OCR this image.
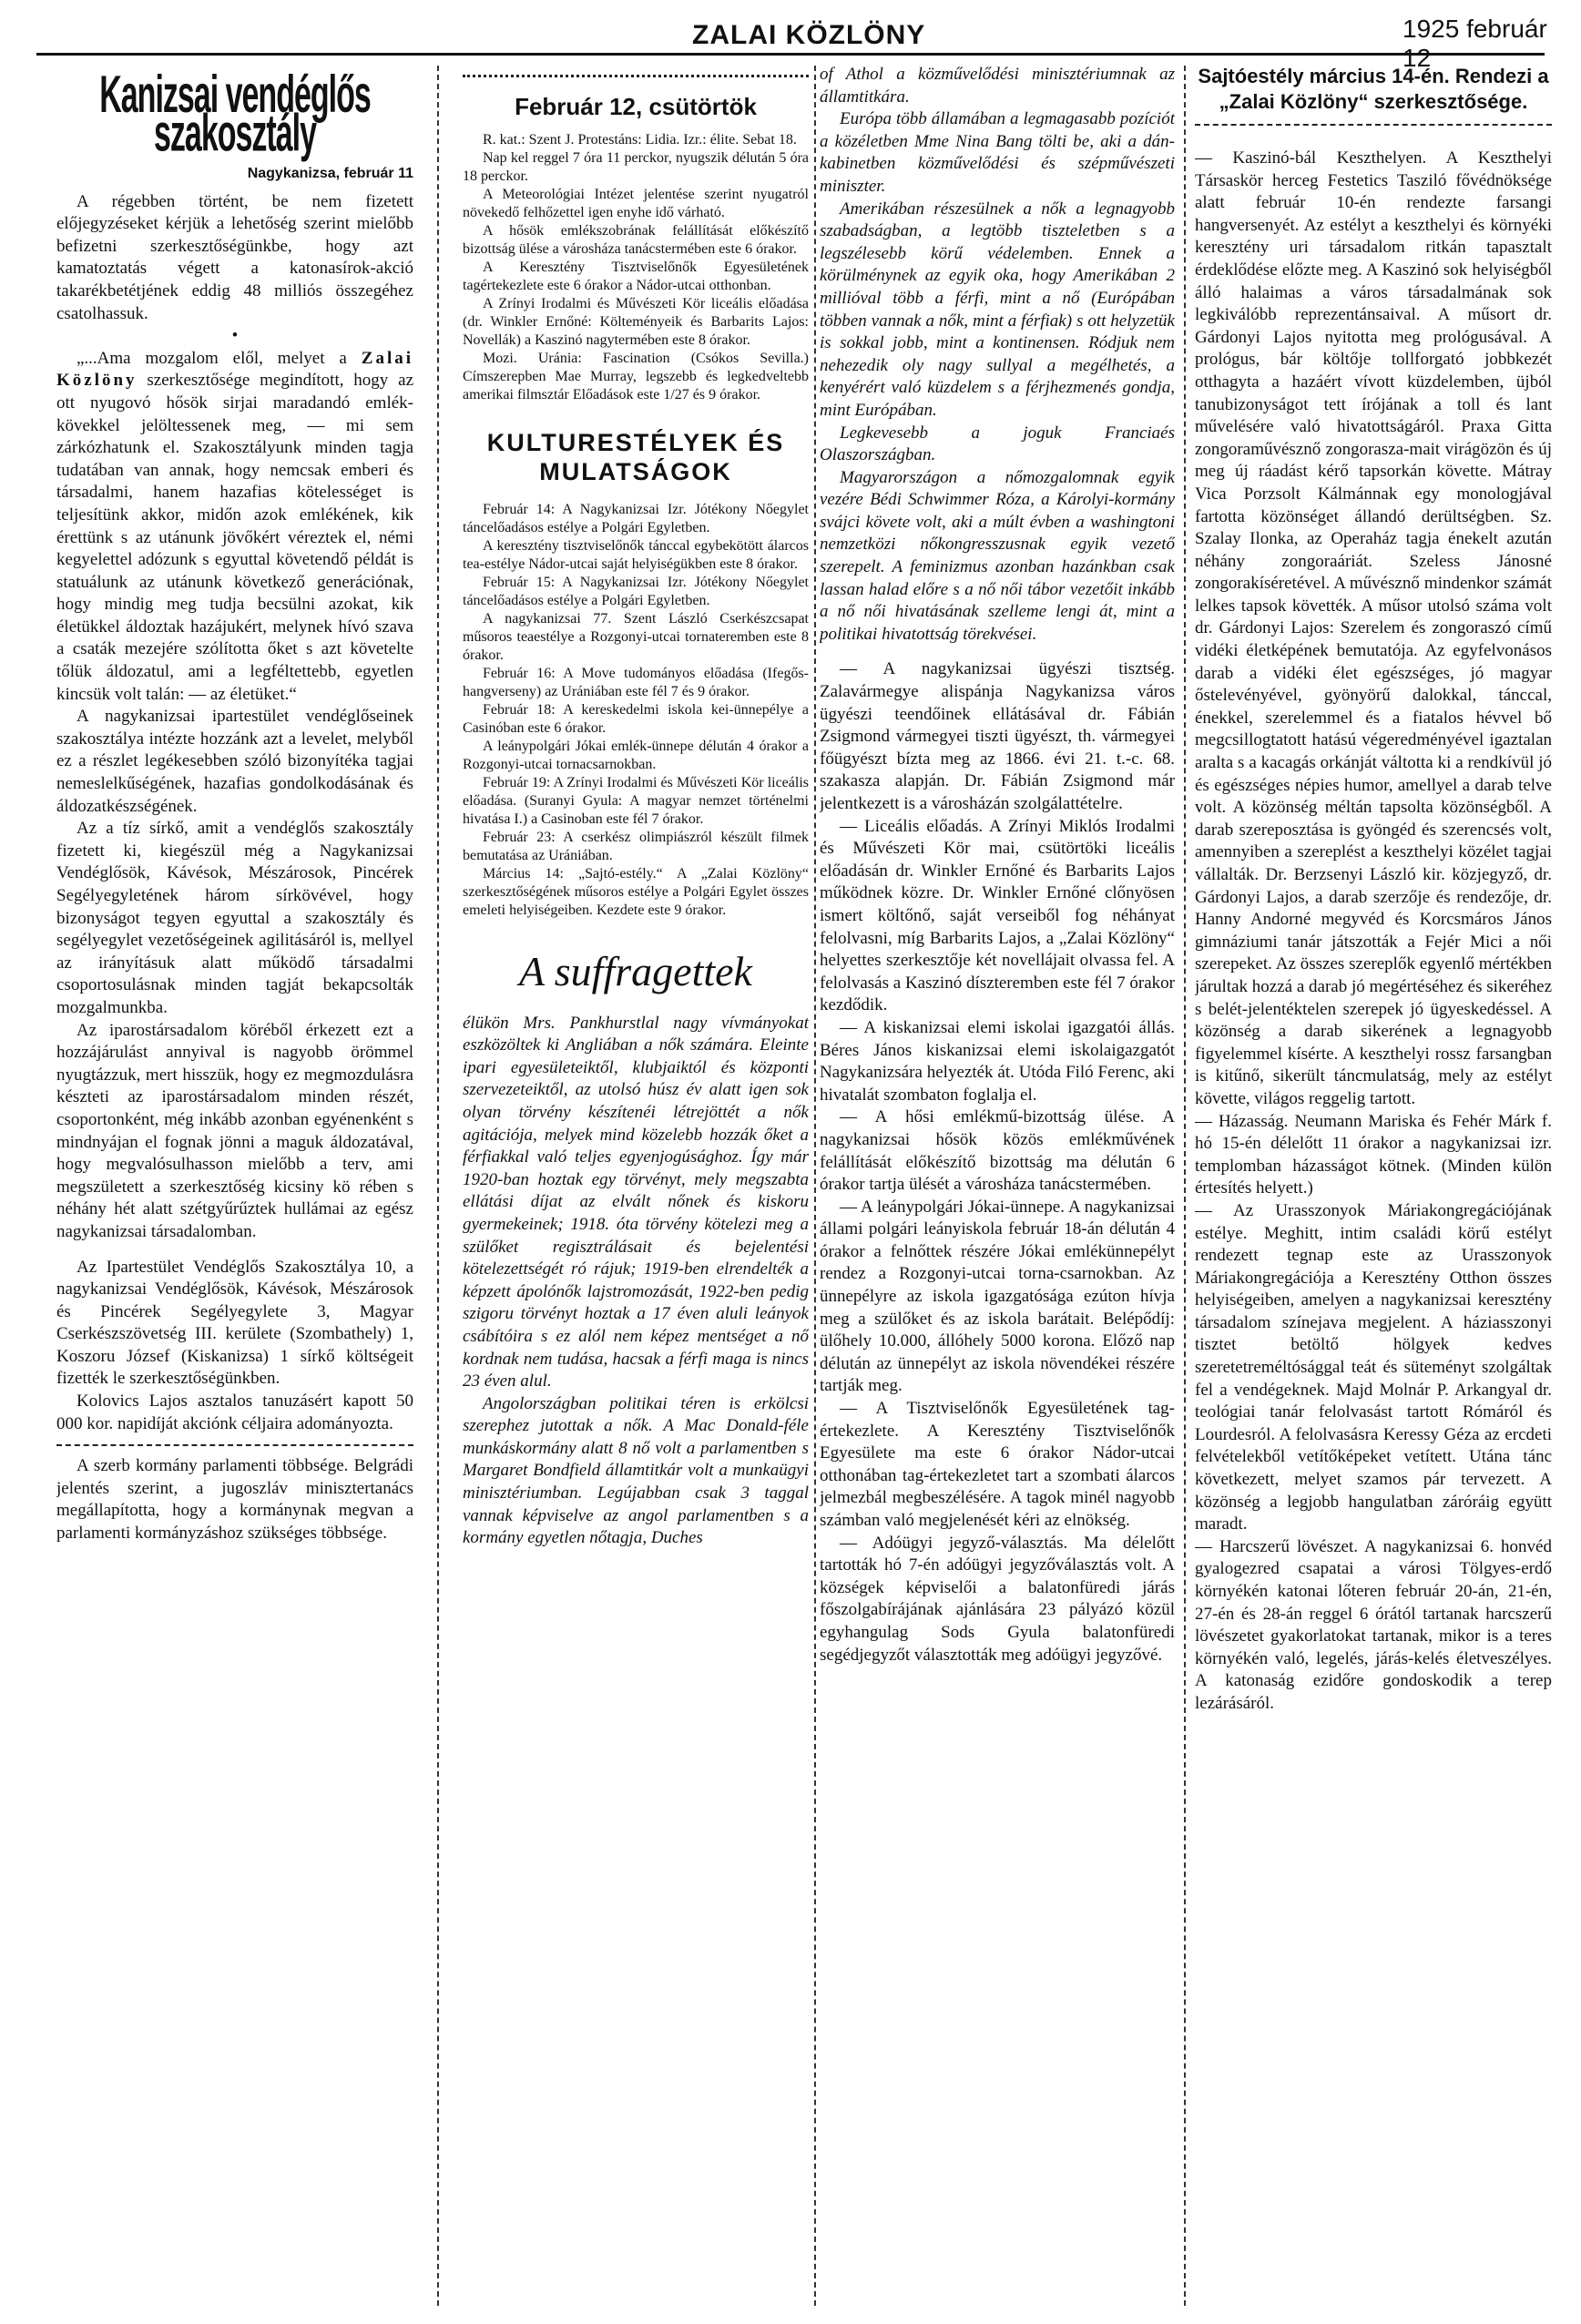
ZALAI KÖZLÖNY	1925 február 12
Kanizsai vendéglős szakosztály
Nagykanizsa, február 11

A régebben történt, be nem fizetett előjegyzéseket kérjük a lehetőség szerint mielőbb befizetni szerkesztőségünkbe, hogy azt kamatoztatás végett a katonasírok-akció takarékbetétjének eddig 48 milliós összegéhez csatolhassuk.

•

„...Ama mozgalom elől, melyet a Zalai Közlöny szerkesztősége megindított, hogy az ott nyugovó hősök sirjai maradandó emlék-kövekkel jelöltessenek meg, — mi sem zárkózhatunk el. Szakosztályunk minden tagja tudatában van annak, hogy nemcsak emberi és társadalmi, hanem hazafias kötelességet is teljesítünk akkor, midőn azok emlékének, kik érettünk s az utánunk jövőkért véreztek el, némi kegyelettel adózunk s egyuttal követendő példát is statuálunk az utánunk következő generációnak, hogy mindig meg tudja becsülni azokat, kik életükkel áldoztak hazájukért, melynek hívó szava a csaták mezejére szólította őket s azt követelte tőlük áldozatul, ami a legféltettebb, egyetlen kincsük volt talán: — az életüket.“

A nagykanizsai ipartestület vendéglőseinek szakosztálya intézte hozzánk azt a levelet, melyből ez a részlet legékesebben szóló bizonyítéka tagjai nemeslelkűségének, hazafias gondolkodásának és áldozatkészségének.

Az a tíz sírkő, amit a vendéglős szakosztály fizetett ki, kiegészül még a Nagykanizsai Vendéglősök, Kávésok, Mészárosok, Pincérek Segélyegyletének három sírkövével, hogy bizonyságot tegyen egyuttal a szakosztály és segélyegylet vezetőségeinek agilitásáról is, mellyel az irányításuk alatt működő társadalmi csoportosulásnak minden tagját bekapcsolták mozgalmunkba.

Az iparostársadalom köréből érkezett ezt a hozzájárulást annyival is nagyobb örömmel nyugtázzuk, mert hisszük, hogy ez megmozdulásra készteti az iparostársadalom minden részét, csoportonként, még inkább azonban egyénenként s mindnyájan el fognak jönni a maguk áldozatával, hogy megvalósulhasson mielőbb a terv, ami megszületett a szerkesztőség kicsiny kö rében s néhány hét alatt szétgyűrűztek hullámai az egész nagykanizsai társadalomban.

Az Ipartestület Vendéglős Szakosztálya 10, a nagykanizsai Vendéglősök, Kávésok, Mészárosok és Pincérek Segélyegylete 3, Magyar Cserkészszövetség III. kerülete (Szombathely) 1, Koszoru József (Kiskanizsa) 1 sírkő költségeit fizették le szerkesztőségünkben.

Kolovics Lajos asztalos tanuzásért kapott 50 000 kor. napidíját akciónk céljaira adományozta.

A szerb kormány parlamenti többsége. Belgrádi jelentés szerint, a jugoszláv minisztertanács megállapította, hogy a kormánynak megvan a parlamenti kormányzáshoz szükséges többsége.

Február 12, csütörtök

R. kat.: Szent J. Protestáns: Lidia. Izr.: élite. Sebat 18.

Nap kel reggel 7 óra 11 perckor, nyugszik délután 5 óra 18 perckor.

A Meteorológiai Intézet jelentése szerint nyugatról növekedő felhőzettel igen enyhe idő várható.

A hősök emlékszobrának felállítását előkészítő bizottság ülése a városháza tanácstermében este 6 órakor.

A Keresztény Tisztviselőnők Egyesületének tagértekezlete este 6 órakor a Nádor-utcai otthonban.

A Zrínyi Irodalmi és Művészeti Kör liceális előadása (dr. Winkler Ernőné: Költeményeik és Barbarits Lajos: Novellák) a Kaszinó nagytermében este 8 órakor.

Mozi. Uránia: Fascination (Csókos Sevilla.) Címszerepben Mae Murray, legszebb és legkedveltebb amerikai filmsztár Előadások este 1/27 és 9 órakor.

KULTURESTÉLYEK ÉS MULATSÁGOK

Február 14: A Nagykanizsai Izr. Jótékony Nőegylet táncelőadásos estélye a Polgári Egyletben.

A keresztény tisztviselőnők tánccal egybekötött álarcos tea-estélye Nádor-utcai saját helyiségükben este 8 órakor.

Február 15: A Nagykanizsai Izr. Jótékony Nőegylet táncelőadásos estélye a Polgári Egyletben.

A nagykanizsai 77. Szent László Cserkészcsapat műsoros teaestélye a Rozgonyi-utcai tornateremben este 8 órakor.

Február 16: A Move tudományos előadása (Ifegős-hangverseny) az Urániában este fél 7 és 9 órakor.

Február 18: A kereskedelmi iskola kei-ünnepélye a Casinóban este 6 órakor.

A leánypolgári Jókai emlék-ünnepe délután 4 órakor a Rozgonyi-utcai tornacsarnokban.

Február 19: A Zrínyi Irodalmi és Művészeti Kör liceális előadása. (Suranyi Gyula: A magyar nemzet történelmi hivatása I.) a Casinoban este fél 7 órakor.

Február 23: A cserkész olimpiászról készült filmek bemutatása az Urániában.

Március 14: „Sajtó-estély.“ A „Zalai Közlöny“ szerkesztőségének műsoros estélye a Polgári Egylet összes emeleti helyiségeiben. Kezdete este 9 órakor.

A suffragettek

élükön Mrs. Pankhurstlal nagy vívmányokat eszközöltek ki Angliában a nők számára. Eleinte ipari egyesületeiktől, klubjaiktól és központi szervezeteiktől, az utolsó húsz év alatt igen sok olyan törvény készítenéi létrejöttét a nők agitációja, melyek mind közelebb hozzák őket a férfiakkal való teljes egyenjogúsághoz. Így már 1920-ban hoztak egy törvényt, mely megszabta ellátási díjat az elvált nőnek és kiskoru gyermekeinek; 1918. óta törvény kötelezi meg a szülőket regisztrálásait és bejelentési kötelezettségét ró rájuk; 1919-ben elrendelték a képzett ápolónők lajstromozását, 1922-ben pedig szigoru törvényt hoztak a 17 éven aluli leányok csábítóira s ez alól nem képez mentséget a nő kordnak nem tudása, hacsak a férfi maga is nincs 23 éven alul.

Angolországban politikai téren is erkölcsi szerephez jutottak a nők. A Mac Donald-féle munkáskormány alatt 8 nő volt a parlamentben s Margaret Bondfield államtitkár volt a munkaügyi minisztériumban. Legújabban csak 3 taggal vannak képviselve az angol parlamentben s a kormány egyetlen nőtagja, Duches

of Athol a közművelődési minisztériumnak az államtitkára.

Európa több államában a legmagasabb pozíciót a közéletben Mme Nina Bang tölti be, aki a dán-kabinetben közművelődési és szépművészeti miniszter.

Amerikában részesülnek a nők a legnagyobb szabadságban, a legtöbb tiszteletben s a legszélesebb körű védelemben. Ennek a körülménynek az egyik oka, hogy Amerikában 2 millióval több a férfi, mint a nő (Európában többen vannak a nők, mint a férfiak) s ott helyzetük is sokkal jobb, mint a kontinensen. Ródjuk nem nehezedik oly nagy sullyal a megélhetés, a kenyérért való küzdelem s a férjhezmenés gondja, mint Európában.

Legkevesebb a joguk Franciaés Olaszországban.

Magyarországon a nőmozgalomnak egyik vezére Bédi Schwimmer Róza, a Károlyi-kormány svájci követe volt, aki a múlt évben a washingtoni nemzetközi nőkongresszusnak egyik vezető szerepelt. A feminizmus azonban hazánkban csak lassan halad előre s a nő női tábor vezetőit inkább a nő női hivatásának szelleme lengi át, mint a politikai hivatottság törekvései.

— A nagykanizsai ügyészi tisztség. Zalavármegye alispánja Nagykanizsa város ügyészi teendőinek ellátásával dr. Fábián Zsigmond vármegyei tiszti ügyészt, th. vármegyei főügyészt bízta meg az 1866. évi 21. t.-c. 68. szakasza alapján. Dr. Fábián Zsigmond már jelentkezett is a városházán szolgálattételre.

— Liceális előadás. A Zrínyi Miklós Irodalmi és Művészeti Kör mai, csütörtöki liceális előadásán dr. Winkler Ernőné és Barbarits Lajos működnek közre. Dr. Winkler Ernőné clőnyösen ismert költőnő, saját verseiből fog néhányat felolvasni, míg Barbarits Lajos, a „Zalai Közlöny“ helyettes szerkesztője két novellájait olvassa fel. A felolvasás a Kaszinó díszteremben este fél 7 órakor kezdődik.

— A kiskanizsai elemi iskolai igazgatói állás. Béres János kiskanizsai elemi iskolaigazgatót Nagykanizsára helyezték át. Utóda Filó Ferenc, aki hivatalát szombaton foglalja el.

— A hősi emlékmű-bizottság ülése. A nagykanizsai hősök közös emlékművének felállítását előkészítő bizottság ma délután 6 órakor tartja ülését a városháza tanácstermében.

— A leánypolgári Jókai-ünnepe. A nagykanizsai állami polgári leányiskola február 18-án délután 4 órakor a felnőttek részére Jókai emlékünnepélyt rendez a Rozgonyi-utcai torna-csarnokban. Az ünnepélyre az iskola igazgatósága ezúton hívja meg a szülőket és az iskola barátait. Belépődíj: ülőhely 10.000, állóhely 5000 korona. Előző nap délután az ünnepélyt az iskola növendékei részére tartják meg.

— A Tisztviselőnők Egyesületének tag-értekezlete. A Keresztény Tisztviselőnők Egyesülete ma este 6 órakor Nádor-utcai otthonában tag-értekezletet tart a szombati álarcos jelmezbál megbeszélésére. A tagok minél nagyobb számban való megjelenését kéri az elnökség.

— Adóügyi jegyző-választás. Ma délelőtt tartották hó 7-én adóügyi jegyzőválasztás volt. A községek képviselői a balatonfüredi járás főszolgabírájának ajánlására 23 pályázó közül egyhangulag Sods Gyula balatonfüredi segédjegyzőt választották meg adóügyi jegyzővé.

Sajtóestély március 14-én. Rendezi a „Zalai Közlöny“ szerkesztősége.

— Kaszinó-bál Keszthelyen. A Keszthelyi Társaskör herceg Festetics Tasziló fővédnöksége alatt február 10-én rendezte farsangi hangversenyét. Az estélyt a keszthelyi és környéki keresztény uri társadalom ritkán tapasztalt érdeklődése előzte meg. A Kaszinó sok helyiségből álló halaimas a város társadalmának sok legkiválóbb reprezentánsaival. A műsort dr. Gárdonyi Lajos nyitotta meg prológusával. A prológus, bár költője tollforgató jobbkezét otthagyta a hazáért vívott küzdelemben, üjból tanubizonyságot tett írójának a toll és lant művelésére való hivatottságáról. Praxa Gitta zongoraművésznő zongorasza-mait virágözön és új meg új ráadást kérő tapsorkán követte. Mátray Vica Porzsolt Kálmánnak egy monologjával fartotta közönséget állandó derültségben. Sz. Szalay Ilonka, az Operaház tagja énekelt azután néhány zongoraáriát. Szeless Jánosné zongorakíséretével. A művésznő mindenkor számát lelkes tapsok követték. A műsor utolsó száma volt dr. Gárdonyi Lajos: Szerelem és zongoraszó című vidéki életképének bemutatója. Az egyfelvonásos darab a vidéki élet egészséges, jó magyar őstelevényével, gyönyörű dalokkal, tánccal, énekkel, szerelemmel és a fiatalos hévvel bő megcsillogtatott hatású végeredményével igaztalan aralta s a kacagás orkánját váltotta ki a rendkívül jó és egészséges népies humor, amellyel a darab telve volt. A közönség méltán tapsolta közönségből. A darab szereposztása is gyöngéd és szerencsés volt, amennyiben a szereplést a keszthelyi közélet tagjai vállalták. Dr. Berzsenyi László kir. közjegyző, dr. Gárdonyi Lajos, a darab szerzője és rendezője, dr. Hanny Andorné megyvéd és Korcsmáros János gimnáziumi tanár játszották a Fejér Mici a női szerepeket. Az összes szereplők egyenlő mértékben járultak hozzá a darab jó megértéséhez és sikeréhez s belét-jelentéktelen szerepek jó ügyeskedéssel. A közönség a darab sikerének a legnagyobb figyelemmel kísérte. A keszthelyi rossz farsangban is kitűnő, sikerült táncmulatság, mely az estélyt követte, világos reggelig tartott.

— Házasság. Neumann Mariska és Fehér Márk f. hó 15-én délelőtt 11 órakor a nagykanizsai izr. templomban házasságot kötnek. (Minden külön értesítés helyett.)

— Az Urasszonyok Máriakongregációjának estélye. Meghitt, intim családi körű estélyt rendezett tegnap este az Urasszonyok Máriakongregációja a Keresztény Otthon összes helyiségeiben, amelyen a nagykanizsai keresztény társadalom színejava megjelent. A háziasszonyi tisztet betöltő hölgyek kedves szeretetreméltósággal teát és süteményt szolgáltak fel a vendégeknek. Majd Molnár P. Arkangyal dr. teológiai tanár felolvasást tartott Rómáról és Lourdesról. A felolvasásra Keressy Géza az ercdeti felvételekből vetítőképeket vetített. Utána tánc következett, melyet szamos pár tervezett. A közönség a legjobb hangulatban záróráig együtt maradt.

— Harcszerű lövészet. A nagykanizsai 6. honvéd gyalogezred csapatai a városi Tölgyes-erdő környékén katonai lőteren február 20-án, 21-én, 27-én és 28-án reggel 6 órától tartanak harcszerű lövészetet gyakorlatokat tartanak, mikor is a teres környékén való, legelés, járás-kelés életveszélyes. A katonaság ezidőre gondoskodik a terep lezárásáról.
